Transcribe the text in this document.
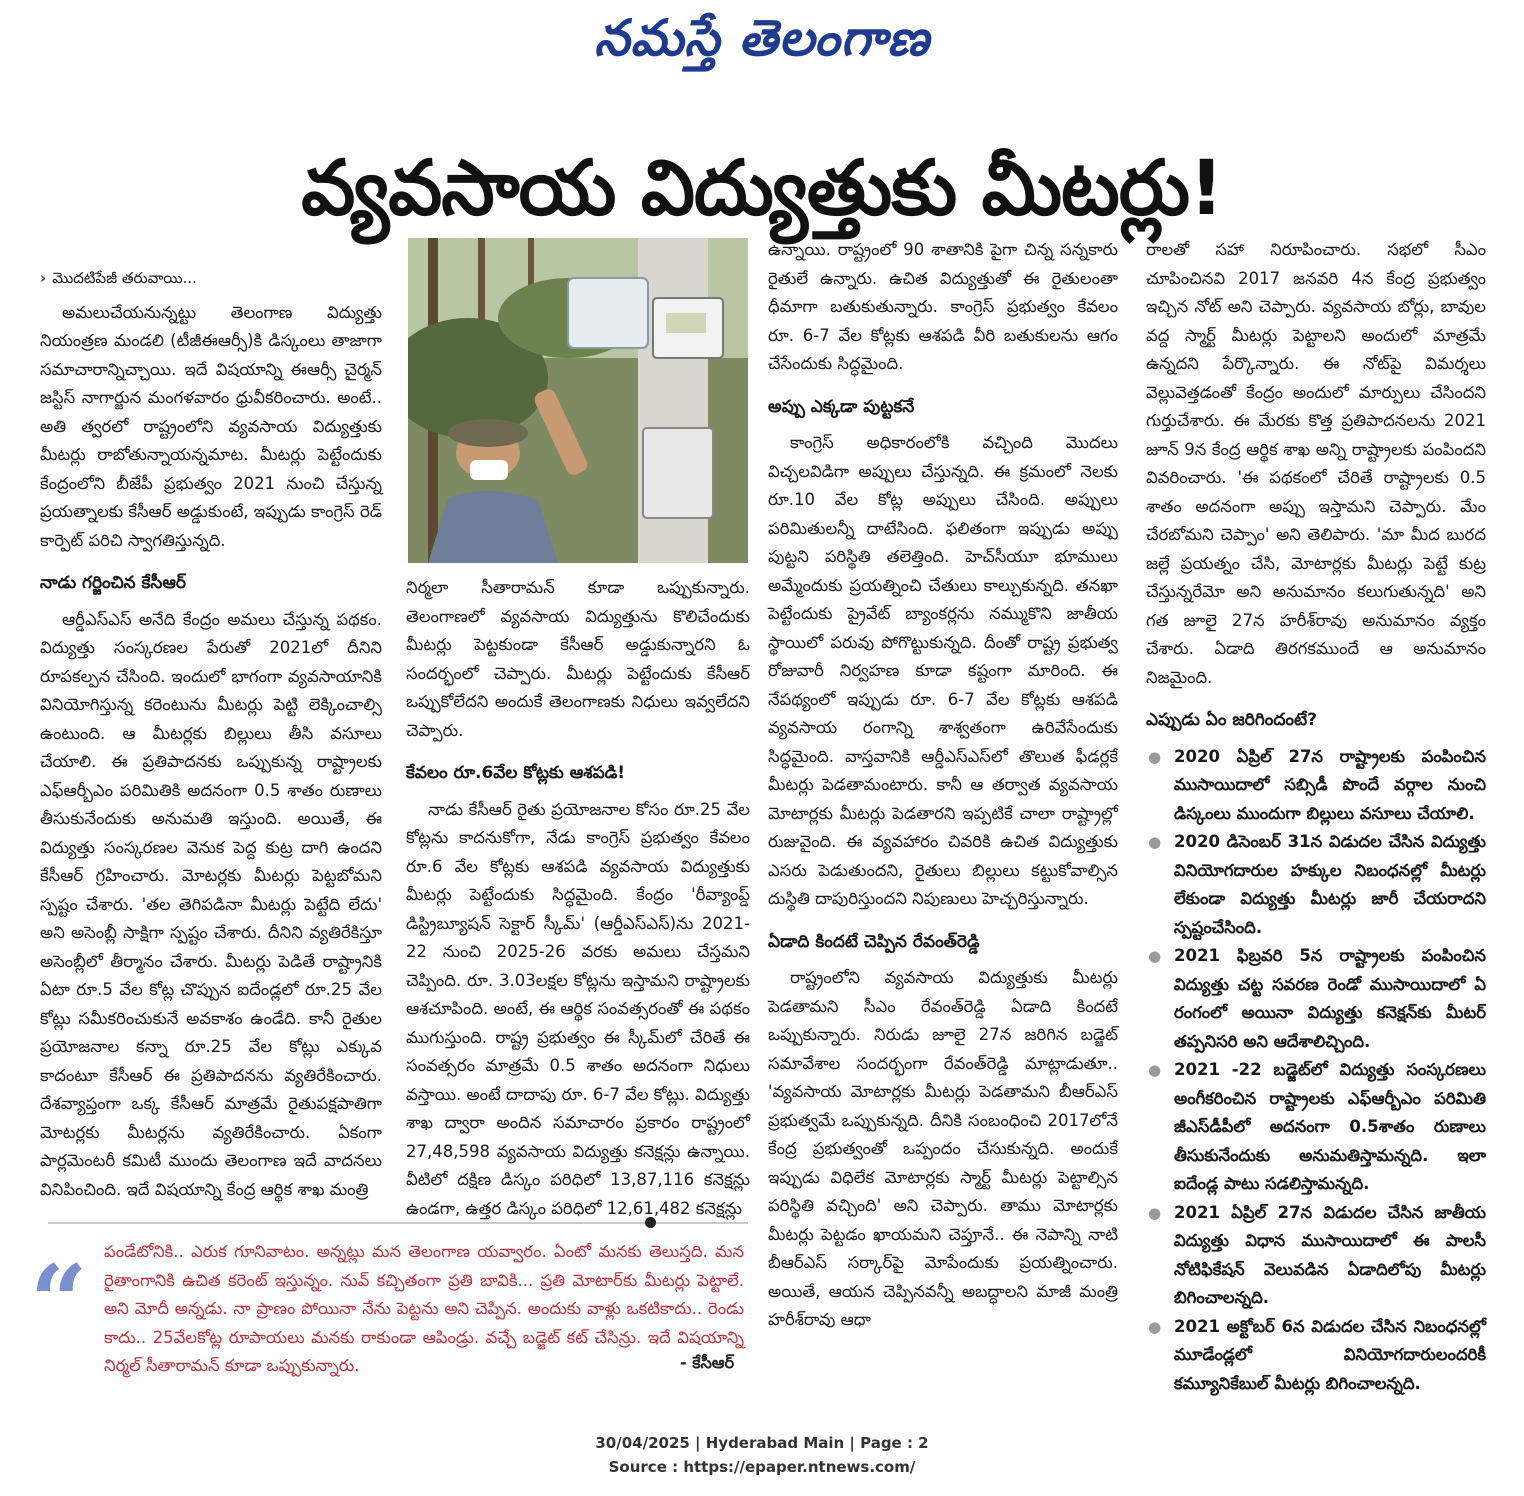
నమస్తే తెలంగాణ
వ్యవసాయ విద్యుత్తుకు మీటర్లు!
› మొదటిపేజీ తరువాయి...

అమలుచేయనున్నట్టు తెలంగాణ విద్యుత్తు నియంత్రణ మండలి (టీజీఈఆర్సీ)కి డిస్కంలు తాజాగా సమాచారాన్నిచ్చాయి. ఇదే విషయాన్ని ఈఆర్సీ చైర్మన్ జస్టిస్ నాగార్జున మంగళవారం ధ్రువీకరించారు. అంటే.. అతి త్వరలో రాష్ట్రంలోని వ్యవసాయ విద్యుత్తుకు మీటర్లు రాబోతున్నాయన్నమాట. మీటర్లు పెట్టేందుకు కేంద్రంలోని బీజేపీ ప్రభుత్వం 2021 నుంచి చేస్తున్న ప్రయత్నాలకు కేసీఆర్ అడ్డుకుంటే, ఇప్పుడు కాంగ్రెస్ రెడ్ కార్పెట్ పరిచి స్వాగతిస్తున్నది.

నాడు గర్జించిన కేసీఆర్

ఆర్డీఎస్ఎస్ అనేది కేంద్రం అమలు చేస్తున్న పథకం. విద్యుత్తు సంస్కరణల పేరుతో 2021లో దీనిని రూపకల్పన చేసింది. ఇందులో భాగంగా వ్యవసాయానికి వినియోగిస్తున్న కరెంటును మీటర్లు పెట్టి లెక్కించాల్సి ఉంటుంది. ఆ మీటర్లకు బిల్లులు తీసి వసూలు చేయాలి. ఈ ప్రతిపాదనకు ఒప్పుకున్న రాష్ట్రాలకు ఎఫ్ఆర్బీఎం పరిమితికి అదనంగా 0.5 శాతం రుణాలు తీసుకునేందుకు అనుమతి ఇస్తుంది. అయితే, ఈ విద్యుత్తు సంస్కరణల వెనుక పెద్ద కుట్ర దాగి ఉందని కేసీఆర్ గ్రహించారు. మోటర్లకు మీటర్లు పెట్టబోమని స్పష్టం చేశారు. 'తల తెగిపడినా మీటర్లు పెట్టేది లేదు' అని అసెంబ్లీ సాక్షిగా స్పష్టం చేశారు. దీనిని వ్యతిరేకిస్తూ అసెంబ్లీలో తీర్మానం చేశారు. మీటర్లు పెడితే రాష్ట్రానికి ఏటా రూ.5 వేల కోట్ల చొప్పున ఐదేండ్లలో రూ.25 వేల కోట్లు సమీకరించుకునే అవకాశం ఉండేది. కానీ రైతుల ప్రయోజనాల కన్నా రూ.25 వేల కోట్లు ఎక్కువ కాదంటూ కేసీఆర్ ఈ ప్రతిపాదనను వ్యతిరేకించారు. దేశవ్యాప్తంగా ఒక్క కేసీఆర్ మాత్రమే రైతుపక్షపాతిగా మోటర్లకు మీటర్లను వ్యతిరేకించారు. ఏకంగా పార్లమెంటరీ కమిటీ ముందు తెలంగాణ ఇదే వాదనలు వినిపించింది. ఇదే విషయాన్ని కేంద్ర ఆర్థిక శాఖ మంత్రి

నిర్మలా సీతారామన్ కూడా ఒప్పుకున్నారు. తెలంగాణలో వ్యవసాయ విద్యుత్తును కొలిచేందుకు మీటర్లు పెట్టకుండా కేసీఆర్ అడ్డుకున్నారని ఓ సందర్భంలో చెప్పారు. మీటర్లు పెట్టేందుకు కేసీఆర్ ఒప్పుకోలేదని అందుకే తెలంగాణకు నిధులు ఇవ్వలేదని చెప్పారు.

కేవలం రూ.6వేల కోట్లకు ఆశపడి!

నాడు కేసీఆర్ రైతు ప్రయోజనాల కోసం రూ.25 వేల కోట్లను కాదనుకోగా, నేడు కాంగ్రెస్ ప్రభుత్వం కేవలం రూ.6 వేల కోట్లకు ఆశపడి వ్యవసాయ విద్యుత్తుకు మీటర్లు పెట్టేందుకు సిద్ధమైంది. కేంద్రం 'రీవ్యాంప్డ్ డిస్ట్రిబ్యూషన్ సెక్టార్ స్కీమ్' (ఆర్డీఎస్ఎస్)ను 2021-22 నుంచి 2025-26 వరకు అమలు చేస్తమని చెప్పింది. రూ. 3.03లక్షల కోట్లను ఇస్తామని రాష్ట్రాలకు ఆశచూపింది. అంటే, ఈ ఆర్థిక సంవత్సరంతో ఈ పథకం ముగుస్తుంది. రాష్ట్ర ప్రభుత్వం ఈ స్కీమ్‌లో చేరితే ఈ సంవత్సరం మాత్రమే 0.5 శాతం అదనంగా నిధులు వస్తాయి. అంటే దాదాపు రూ. 6-7 వేల కోట్లు. విద్యుత్తు శాఖ ద్వారా అందిన సమాచారం ప్రకారం రాష్ట్రంలో 27,48,598 వ్యవసాయ విద్యుత్తు కనెక్షన్లు ఉన్నాయి. వీటిలో దక్షిణ డిస్కం పరిధిలో 13,87,116 కనెక్షన్లు ఉండగా, ఉత్తర డిస్కం పరిధిలో 12,61,482 కనెక్షన్లు

ఉన్నాయి. రాష్ట్రంలో 90 శాతానికి పైగా చిన్న సన్నకారు రైతులే ఉన్నారు. ఉచిత విద్యుత్తుతో ఈ రైతులంతా ధీమాగా బతుకుతున్నారు. కాంగ్రెస్ ప్రభుత్వం కేవలం రూ. 6-7 వేల కోట్లకు ఆశపడి వీరి బతుకులను ఆగం చేసేందుకు సిద్ధమైంది.

అప్పు ఎక్కడా పుట్టకనే

కాంగ్రెస్ అధికారంలోకి వచ్చింది మొదలు విచ్చలవిడిగా అప్పులు చేస్తున్నది. ఈ క్రమంలో నెలకు రూ.10 వేల కోట్ల అప్పులు చేసింది. అప్పులు పరిమితులన్నీ దాటేసింది. ఫలితంగా ఇప్పుడు అప్పు పుట్టని పరిస్థితి తలెత్తింది. హెచ్‌సీయూ భూములు అమ్మేందుకు ప్రయత్నించి చేతులు కాల్చుకున్నది. తనఖా పెట్టేందుకు ప్రైవేట్ బ్యాంకర్లను నమ్ముకొని జాతీయ స్థాయిలో పరువు పోగొట్టుకున్నది. దీంతో రాష్ట్ర ప్రభుత్వ రోజువారీ నిర్వహణ కూడా కష్టంగా మారింది. ఈ నేపథ్యంలో ఇప్పుడు రూ. 6-7 వేల కోట్లకు ఆశపడి వ్యవసాయ రంగాన్ని శాశ్వతంగా ఉరివేసేందుకు సిద్ధమైంది. వాస్తవానికి ఆర్డీఎస్ఎస్‌లో తొలుత ఫీడర్లకే మీటర్లు పెడతామంటారు. కానీ ఆ తర్వాత వ్యవసాయ మోటార్లకు మీటర్లు పెడతారని ఇప్పటికే చాలా రాష్ట్రాల్లో రుజువైంది. ఈ వ్యవహారం చివరికి ఉచిత విద్యుత్తుకు ఎసరు పెడుతుందని, రైతులు బిల్లులు కట్టుకోవాల్సిన దుస్థితి దాపురిస్తుందని నిపుణులు హెచ్చరిస్తున్నారు.

ఏడాది కిందటే చెప్పిన రేవంత్‌రెడ్డి

రాష్ట్రంలోని వ్యవసాయ విద్యుత్తుకు మీటర్లు పెడతామని సీఎం రేవంత్‌రెడ్డి ఏడాది కిందటే ఒప్పుకున్నారు. నిరుడు జూలై 27న జరిగిన బడ్జెట్ సమావేశాల సందర్భంగా రేవంత్‌రెడ్డి మాట్లాడుతూ.. 'వ్యవసాయ మోటార్లకు మీటర్లు పెడతామని బీఆర్ఎస్ ప్రభుత్వమే ఒప్పుకున్నది. దీనికి సంబంధించి 2017లోనే కేంద్ర ప్రభుత్వంతో ఒప్పందం చేసుకున్నది. అందుకే ఇప్పుడు విధిలేక మోటార్లకు స్మార్ట్ మీటర్లు పెట్టాల్సిన పరిస్థితి వచ్చింది' అని చెప్పారు. తాము మోటార్లకు మీటర్లు పెట్టడం ఖాయమని చెప్తూనే.. ఈ నెపాన్ని నాటి బీఆర్ఎస్ సర్కార్‌పై మోపేందుకు ప్రయత్నించారు. అయితే, ఆయన చెప్పినవన్నీ అబద్ధాలని మాజీ మంత్రి హరీశ్‌రావు ఆధా

రాలతో సహా నిరూపించారు. సభలో సీఎం చూపించినవి 2017 జనవరి 4న కేంద్ర ప్రభుత్వం ఇచ్చిన నోట్ అని చెప్పారు. వ్యవసాయ బోర్లు, బావుల వద్ద స్మార్ట్ మీటర్లు పెట్టాలని అందులో మాత్రమే ఉన్నదని పేర్కొన్నారు. ఈ నోట్‌పై విమర్శలు వెల్లువెత్తడంతో కేంద్రం అందులో మార్పులు చేసిందని గుర్తుచేశారు. ఈ మేరకు కొత్త ప్రతిపాదనలను 2021 జూన్ 9న కేంద్ర ఆర్థిక శాఖ అన్ని రాష్ట్రాలకు పంపిందని వివరించారు. 'ఈ పథకంలో చేరితే రాష్ట్రాలకు 0.5 శాతం అదనంగా అప్పు ఇస్తామని చెప్పారు. మేం చేరబోమని చెప్పాం' అని తెలిపారు. 'మా మీద బురద జల్లే ప్రయత్నం చేసి, మోటార్లకు మీటర్లు పెట్టే కుట్ర చేస్తున్నరేమో అని అనుమానం కలుగుతున్నది' అని గత జూలై 27న హరీశ్‌రావు అనుమానం వ్యక్తం చేశారు. ఏడాది తిరగకముందే ఆ అనుమానం నిజమైంది.

ఎప్పుడు ఏం జరిగిందంటే?
● 2020 ఏప్రిల్ 27న రాష్ట్రాలకు పంపించిన ముసాయిదాలో సబ్సిడీ పొందే వర్గాల నుంచి డిస్కంలు ముందుగా బిల్లులు వసూలు చేయాలి.
● 2020 డిసెంబర్ 31న విడుదల చేసిన విద్యుత్తు వినియోగదారుల హక్కుల నిబంధనల్లో మీటర్లు లేకుండా విద్యుత్తు మీటర్లు జారీ చేయరాదని స్పష్టంచేసింది.
● 2021 ఫిబ్రవరి 5న రాష్ట్రాలకు పంపించిన విద్యుత్తు చట్ట సవరణ రెండో ముసాయిదాలో ఏ రంగంలో అయినా విద్యుత్తు కనెక్షన్‌కు మీటర్ తప్పనిసరి అని ఆదేశాలిచ్చింది.
● 2021 -22 బడ్జెట్‌లో విద్యుత్తు సంస్కరణలు అంగీకరించిన రాష్ట్రాలకు ఎఫ్ఆర్బీఎం పరిమితి జీఎస్‌డీపీలో అదనంగా 0.5శాతం రుణాలు తీసుకునేందుకు అనుమతిస్తామన్నది. ఇలా ఐదేండ్ల పాటు సడలిస్తామన్నది.
● 2021 ఏప్రిల్ 27న విడుదల చేసిన జాతీయ విద్యుత్తు విధాన ముసాయిదాలో ఈ పాలసీ నోటిఫికేషన్ వెలువడిన ఏడాదిలోపు మీటర్లు బిగించాలన్నది.
● 2021 అక్టోబర్ 6న విడుదల చేసిన నిబంధనల్లో మూడేండ్లలో వినియోగదారులందరికీ కమ్యూనికేబుల్ మీటర్లు బిగించాలన్నది.
“ పండేటోనికి.. ఎరుక గూనివాటం. అన్నట్లు మన తెలంగాణ యవ్వారం. ఏంటో మనకు తెలుస్తది. మన రైతాంగానికి ఉచిత కరెంట్ ఇస్తున్నం. నువ్ కచ్చితంగా ప్రతి బావికి... ప్రతి మోటార్‌కు మీటర్లు పెట్టాలే. అని మోదీ అన్నడు. నా ప్రాణం పోయినా నేను పెట్టను అని చెప్పిన. అందుకు వాళ్లు ఒకటికాదు.. రెండు కాదు.. 25వేలకోట్ల రూపాయలు మనకు రాకుండా ఆపిండ్రు. వచ్చే బడ్జెట్ కట్ చేసిన్రు. ఇదే విషయాన్ని నిర్మల్ సీతారామన్ కూడా ఒప్పుకున్నారు.	- కేసీఆర్
30/04/2025 | Hyderabad Main | Page : 2
Source : https://epaper.ntnews.com/
